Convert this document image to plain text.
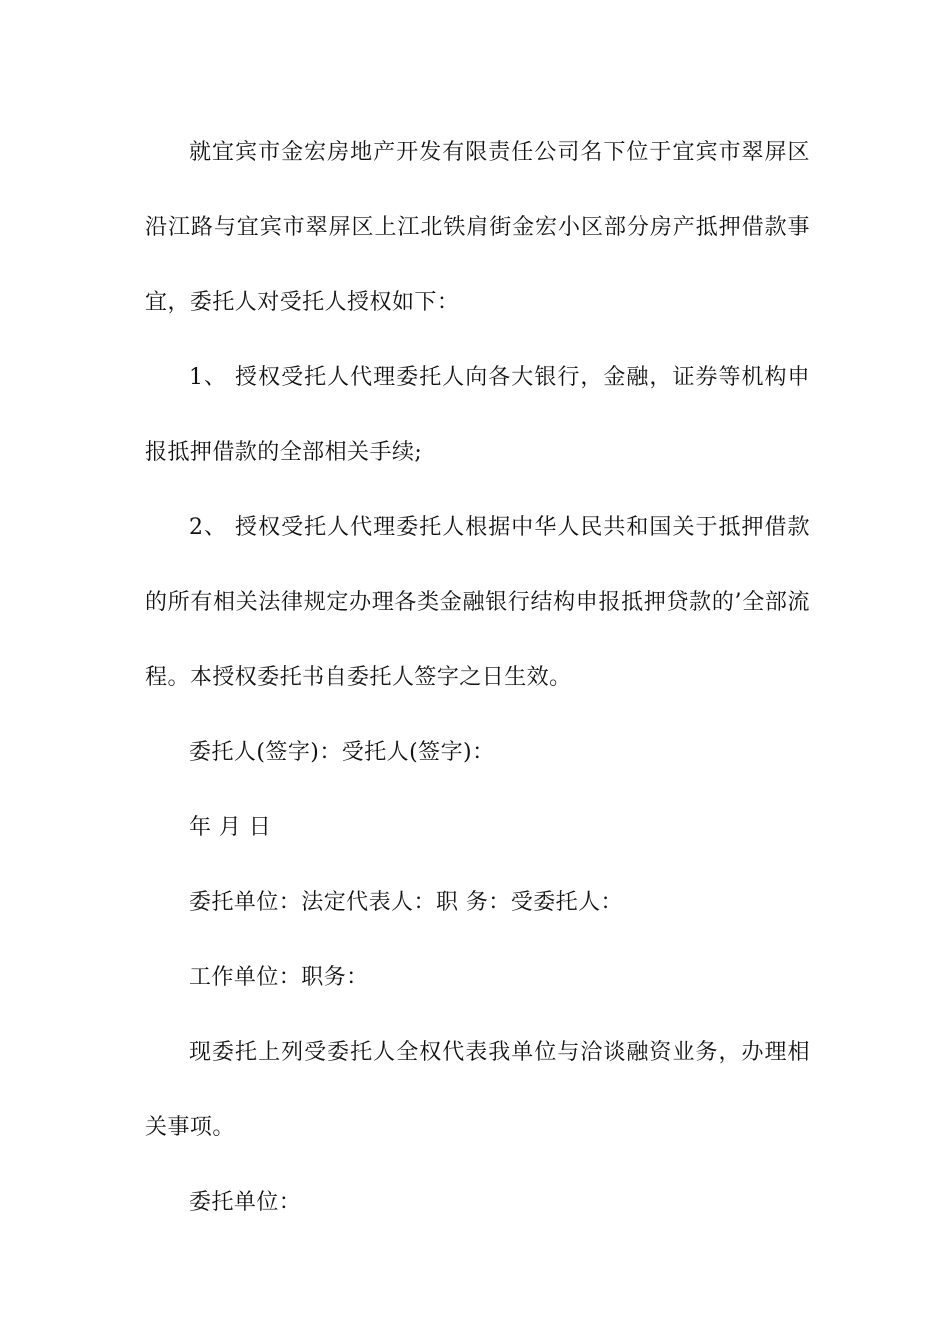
就宜宾市金宏房地产开发有限责任公司名下位于宜宾市翠屏区
沿江路与宜宾市翠屏区上江北铁肩街金宏小区部分房产抵押借款事
宜，委托人对受托人授权如下：
1、 授权受托人代理委托人向各大银行，金融，证券等机构申
报抵押借款的全部相关手续;
2、 授权受托人代理委托人根据中华人民共和国关于抵押借款
的所有相关法律规定办理各类金融银行结构申报抵押贷款的’全部流
程。本授权委托书自委托人签字之日生效。
委托人(签字)：受托人(签字)：
年 月 日
委托单位：法定代表人：职 务：受委托人：
工作单位：职务：
现委托上列受委托人全权代表我单位与洽谈融资业务，办理相
关事项。
委托单位：
